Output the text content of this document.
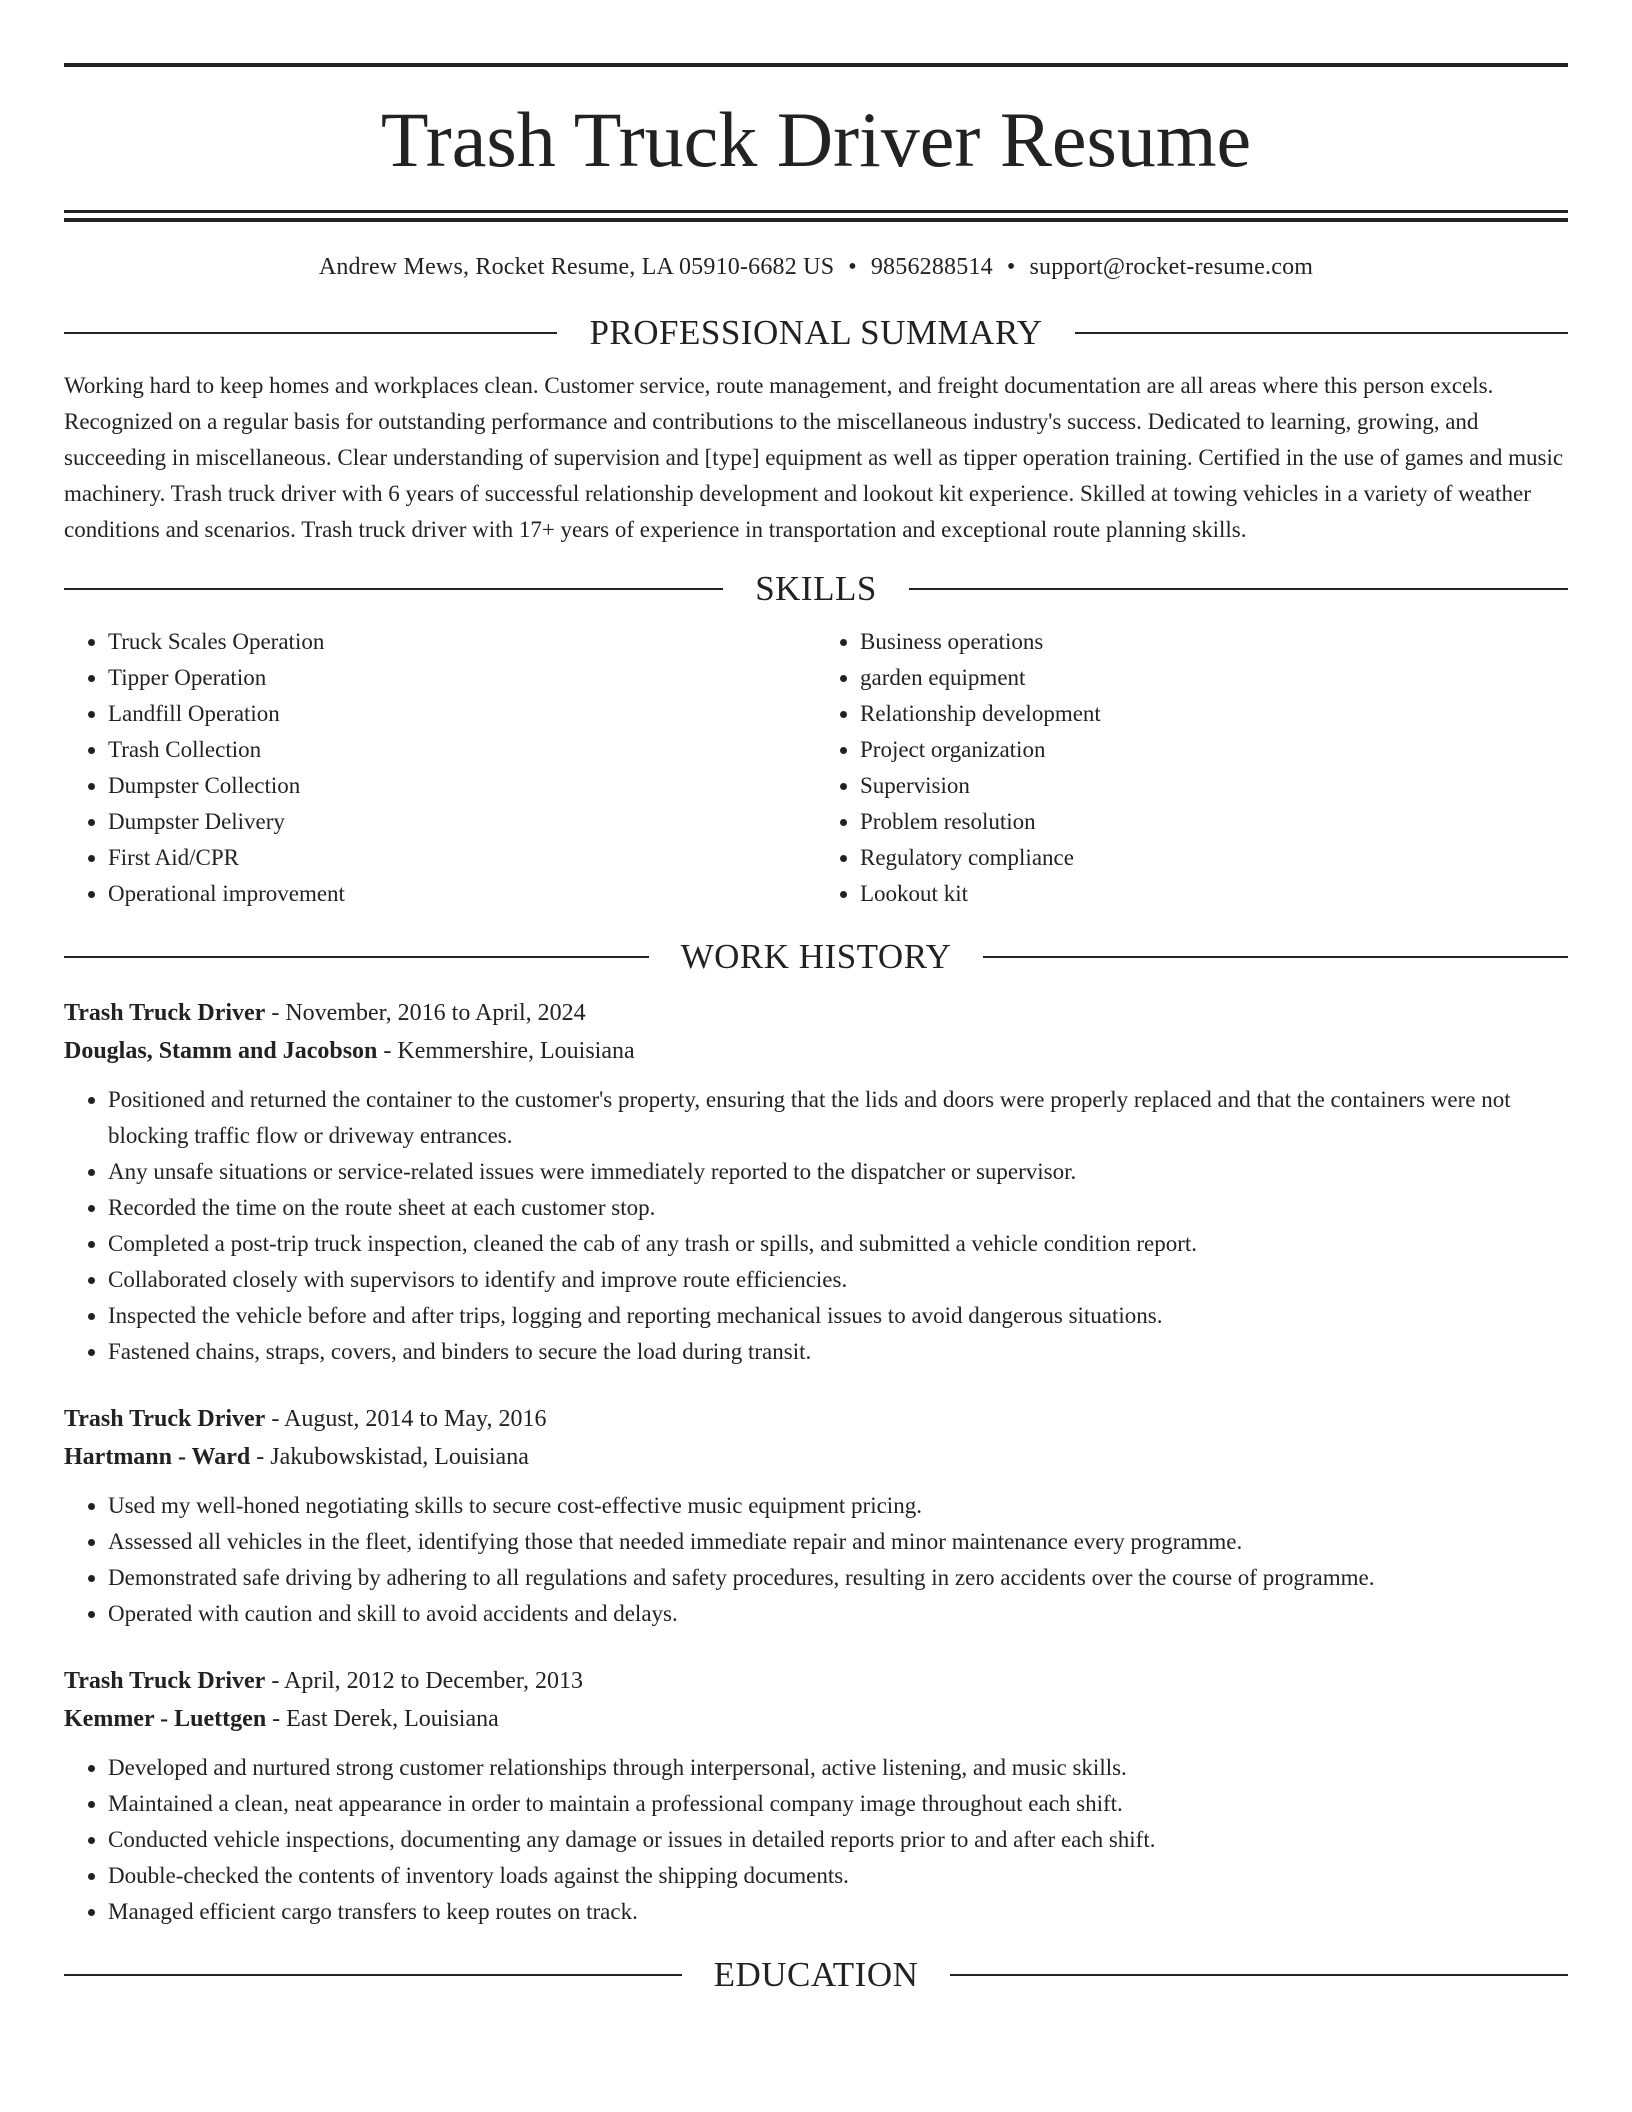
Trash Truck Driver Resume
Andrew Mews, Rocket Resume, LA 05910-6682 US • 9856288514 • support@rocket-resume.com
PROFESSIONAL SUMMARY

Working hard to keep homes and workplaces clean. Customer service, route management, and freight documentation are all areas where this person excels. Recognized on a regular basis for outstanding performance and contributions to the miscellaneous industry's success. Dedicated to learning, growing, and succeeding in miscellaneous. Clear understanding of supervision and [type] equipment as well as tipper operation training. Certified in the use of games and music machinery. Trash truck driver with 6 years of successful relationship development and lookout kit experience. Skilled at towing vehicles in a variety of weather conditions and scenarios. Trash truck driver with 17+ years of experience in transportation and exceptional route planning skills.

SKILLS
• Truck Scales Operation
• Tipper Operation
• Landfill Operation
• Trash Collection
• Dumpster Collection
• Dumpster Delivery
• First Aid/CPR
• Operational improvement
• Business operations
• garden equipment
• Relationship development
• Project organization
• Supervision
• Problem resolution
• Regulatory compliance
• Lookout kit
WORK HISTORY
Trash Truck Driver - November, 2016 to April, 2024
Douglas, Stamm and Jacobson - Kemmershire, Louisiana
• Positioned and returned the container to the customer's property, ensuring that the lids and doors were properly replaced and that the containers were not blocking traffic flow or driveway entrances.
• Any unsafe situations or service-related issues were immediately reported to the dispatcher or supervisor.
• Recorded the time on the route sheet at each customer stop.
• Completed a post-trip truck inspection, cleaned the cab of any trash or spills, and submitted a vehicle condition report.
• Collaborated closely with supervisors to identify and improve route efficiencies.
• Inspected the vehicle before and after trips, logging and reporting mechanical issues to avoid dangerous situations.
• Fastened chains, straps, covers, and binders to secure the load during transit.
Trash Truck Driver - August, 2014 to May, 2016
Hartmann - Ward - Jakubowskistad, Louisiana
• Used my well-honed negotiating skills to secure cost-effective music equipment pricing.
• Assessed all vehicles in the fleet, identifying those that needed immediate repair and minor maintenance every programme.
• Demonstrated safe driving by adhering to all regulations and safety procedures, resulting in zero accidents over the course of programme.
• Operated with caution and skill to avoid accidents and delays.
Trash Truck Driver - April, 2012 to December, 2013
Kemmer - Luettgen - East Derek, Louisiana
• Developed and nurtured strong customer relationships through interpersonal, active listening, and music skills.
• Maintained a clean, neat appearance in order to maintain a professional company image throughout each shift.
• Conducted vehicle inspections, documenting any damage or issues in detailed reports prior to and after each shift.
• Double-checked the contents of inventory loads against the shipping documents.
• Managed efficient cargo transfers to keep routes on track.
EDUCATION
